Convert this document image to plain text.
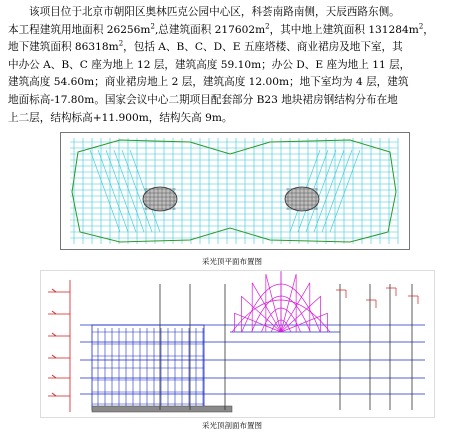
该项目位于北京市朝阳区奥林匹克公园中心区，科荟南路南侧，天辰西路东侧。

本工程建筑用地面积 $26256m^2$,总建筑面积 $217602m^2$，其中地上建筑面积 $131284m^2$，

地下建筑面积 $86318m^2$，包括 A、B、C、D、E 五座塔楼、商业裙房及地下室，其

中办公 A、B、C 座为地上 12 层，建筑高度 59.10m；办公 D、E 座为地上 11 层，

建筑高度 54.60m；商业裙房地上 2 层，建筑高度 12.00m；地下室均为 4 层，建筑

地面标高-17.80m。国家会议中心二期项目配套部分 B23 地块裙房钢结构分布在地

上二层，结构标高+11.900m，结构矢高 9m。

采光顶平面布置图
采光顶剖面布置图
